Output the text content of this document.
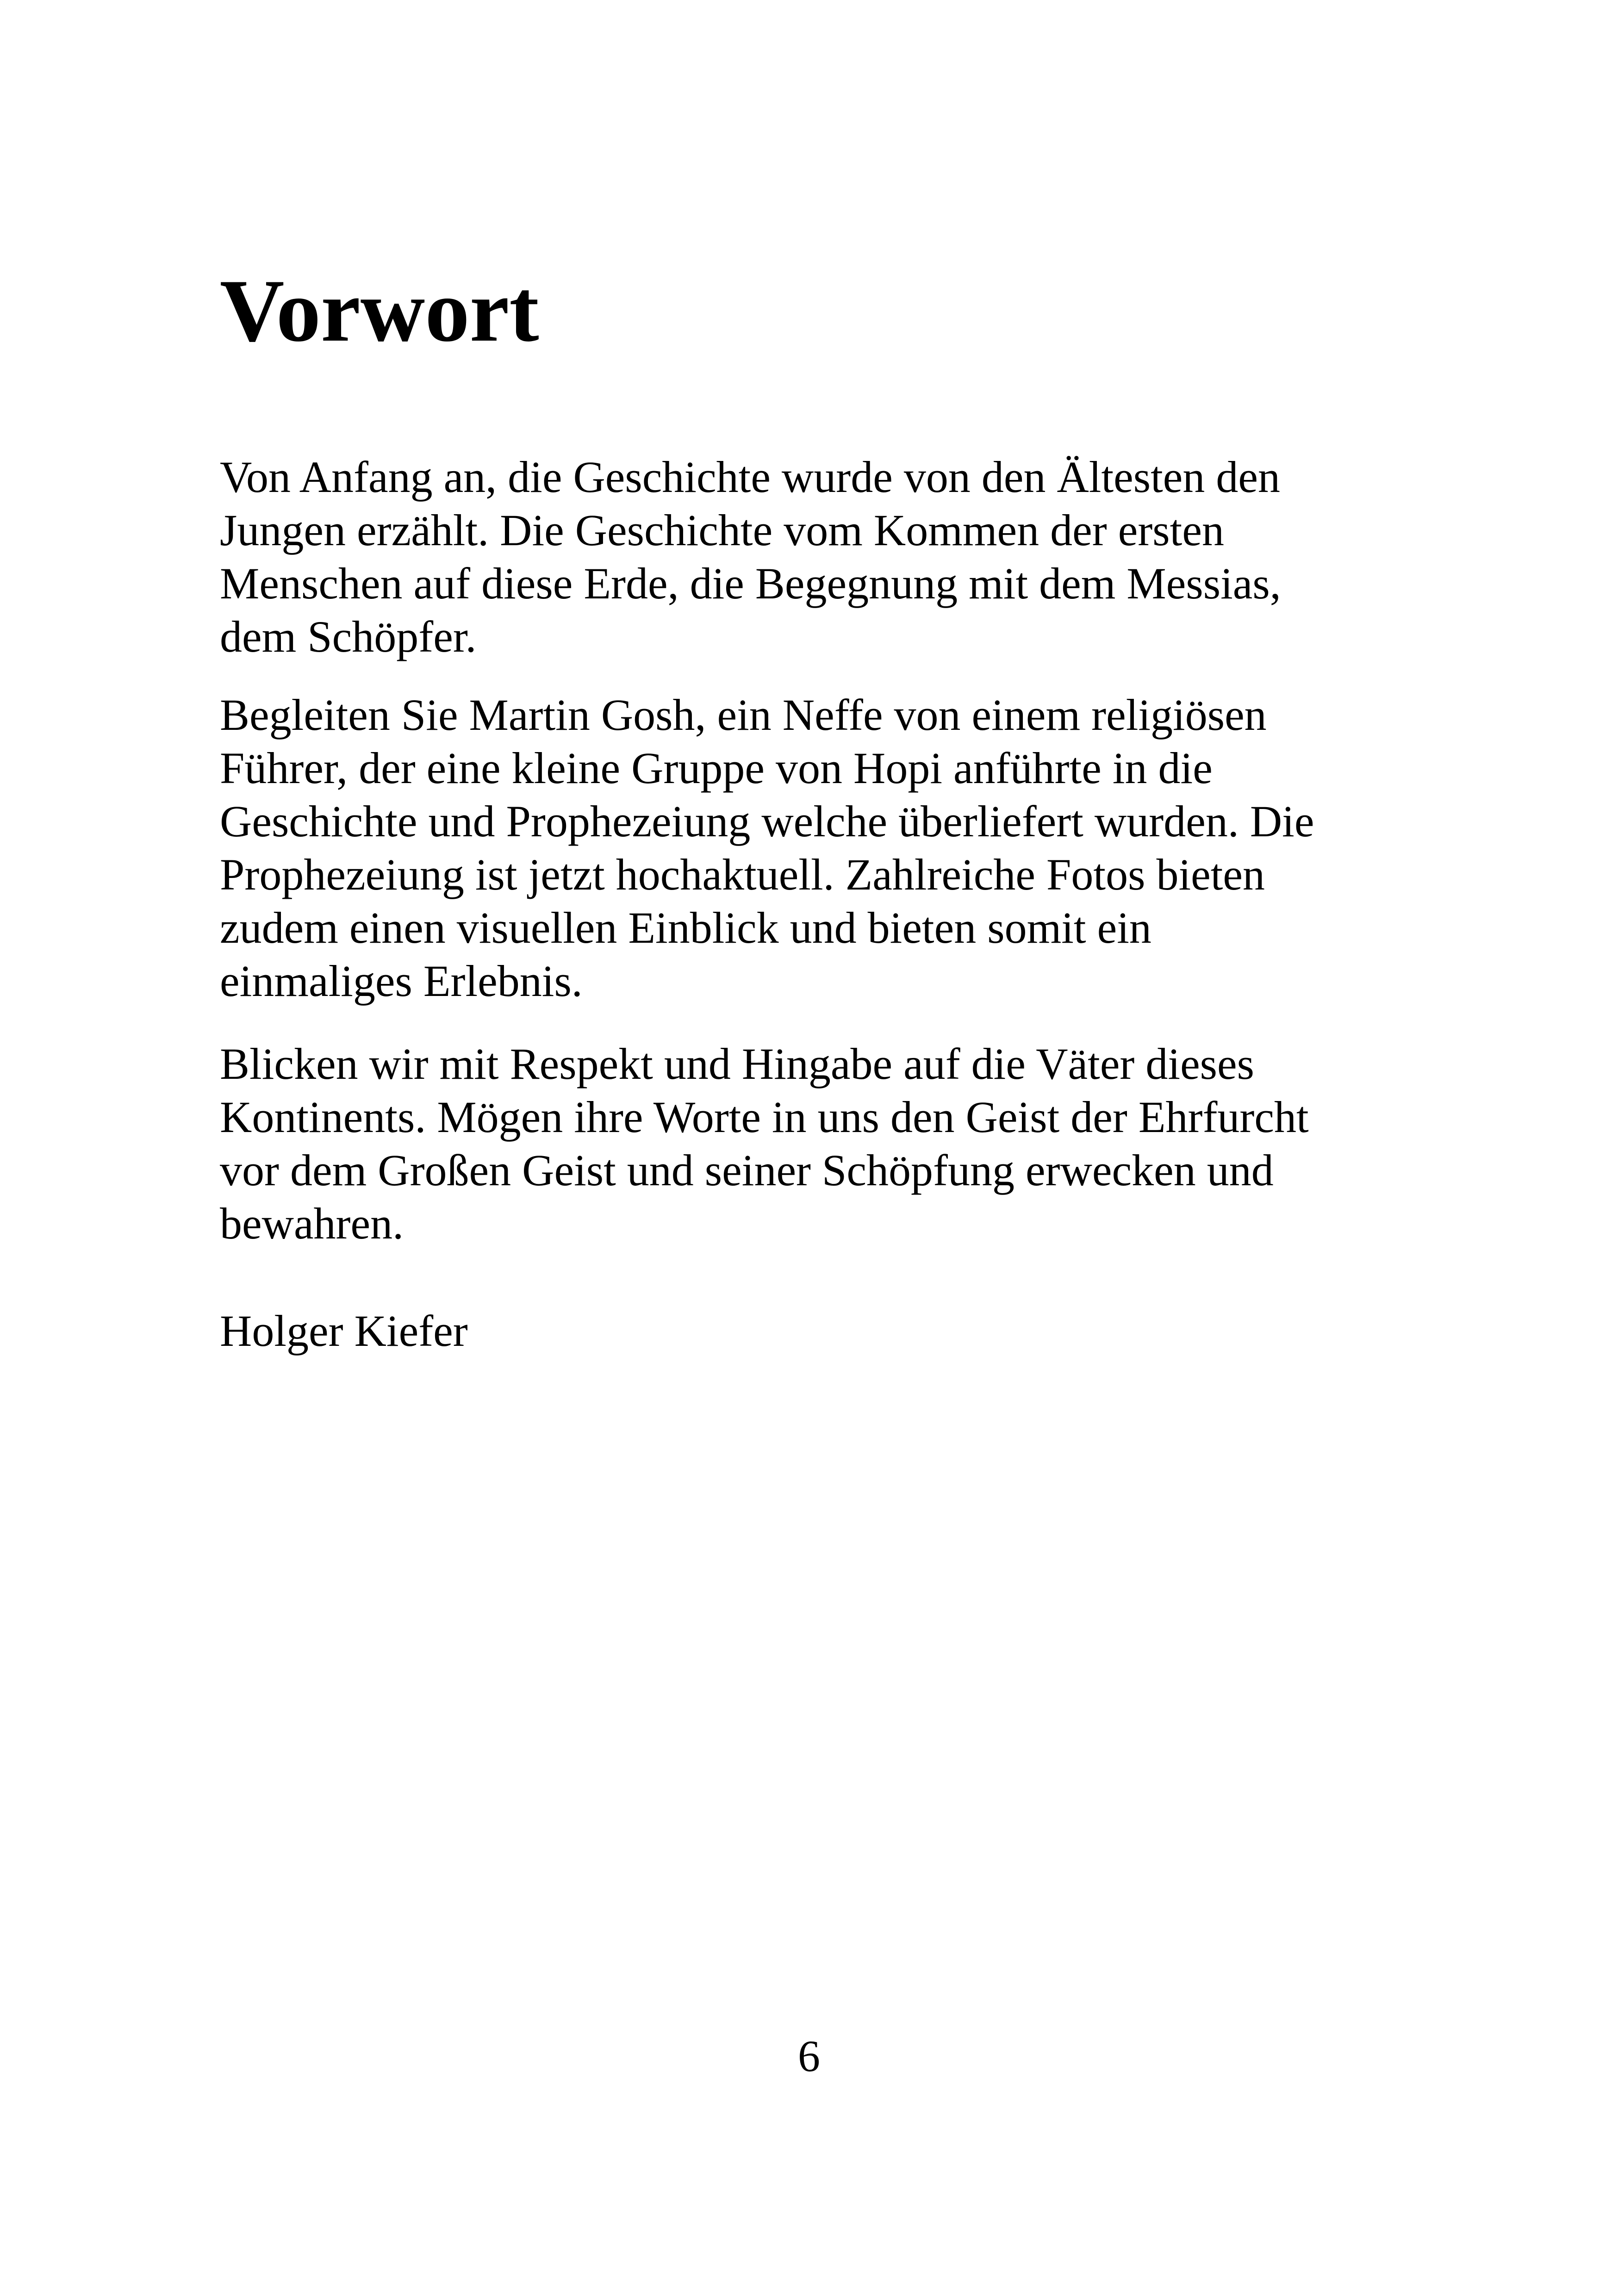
Vorwort
Von Anfang an, die Geschichte wurde von den Ältesten den
Jungen erzählt. Die Geschichte vom Kommen der ersten
Menschen auf diese Erde, die Begegnung mit dem Messias,
dem Schöpfer.
Begleiten Sie Martin Gosh, ein Neffe von einem religiösen
Führer, der eine kleine Gruppe von Hopi anführte in die
Geschichte und Prophezeiung welche überliefert wurden. Die
Prophezeiung ist jetzt hochaktuell. Zahlreiche Fotos bieten
zudem einen visuellen Einblick und bieten somit ein
einmaliges Erlebnis.
Blicken wir mit Respekt und Hingabe auf die Väter dieses
Kontinents. Mögen ihre Worte in uns den Geist der Ehrfurcht
vor dem Großen Geist und seiner Schöpfung erwecken und
bewahren.
Holger Kiefer
6
